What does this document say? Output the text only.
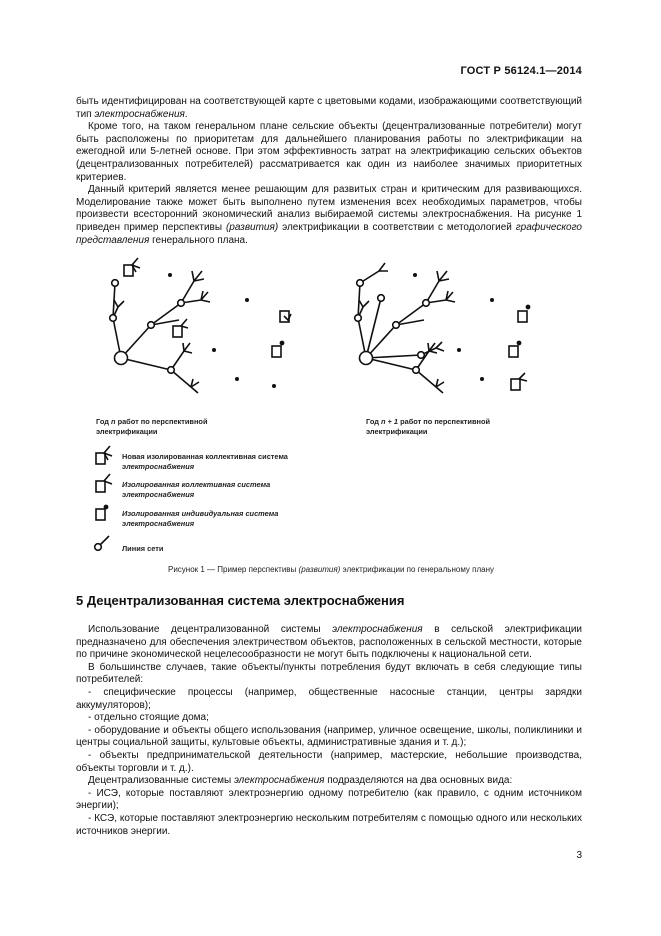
ГОСТ Р 56124.1—2014

быть идентифицирован на соответствующей карте с цветовыми кодами, изображающими соответствующий тип электроснабжения.

Кроме того, на таком генеральном плане сельские объекты (децентрализованные потребители) могут быть расположены по приоритетам для дальнейшего планирования работы по электрификации на ежегодной или 5-летней основе. При этом эффективность затрат на электрификацию сельских объектов (децентрализованных потребителей) рассматривается как один из наиболее значимых приоритетных критериев.

Данный критерий является менее решающим для развитых стран и критическим для развивающихся. Моделирование также может быть выполнено путем изменения всех необходимых параметров, чтобы произвести всесторонний экономический анализ выбираемой системы электроснабжения. На рисунке 1 приведен пример перспективы (развития) электрификации в соответствии с методологией графического представления генерального плана.

Год n работ по перспективной
электрификации
Год n + 1 работ по перспективной
электрификации
Новая изолированная коллективная система
электроснабжения
Изолированная коллективная система
электроснабжения
Изолированная индивидуальная система
электроснабжения
Линия сети
Рисунок 1 — Пример перспективы (развития) электрификации по генеральному плану
5 Децентрализованная система электроснабжения

Использование децентрализованной системы электроснабжения в сельской электрификации предназначено для обеспечения электричеством объектов, расположенных в сельской местности, которые по причине экономической нецелесообразности не могут быть подключены к национальной сети.

В большинстве случаев, такие объекты/пункты потребления будут включать в себя следующие типы потребителей:

- специфические процессы (например, общественные насосные станции, центры зарядки аккумуляторов);

- отдельно стоящие дома;

- оборудование и объекты общего использования (например, уличное освещение, школы, поликлиники и центры социальной защиты, культовые объекты, административные здания и т. д.);

- объекты предпринимательской деятельности (например, мастерские, небольшие производства, объекты торговли и т. д.).

Децентрализованные системы электроснабжения подразделяются на два основных вида:

- ИСЭ, которые поставляют электроэнергию одному потребителю (как правило, с одним источником энергии);

- КСЭ, которые поставляют электроэнергию нескольким потребителям с помощью одного или нескольких источников энергии.

3
